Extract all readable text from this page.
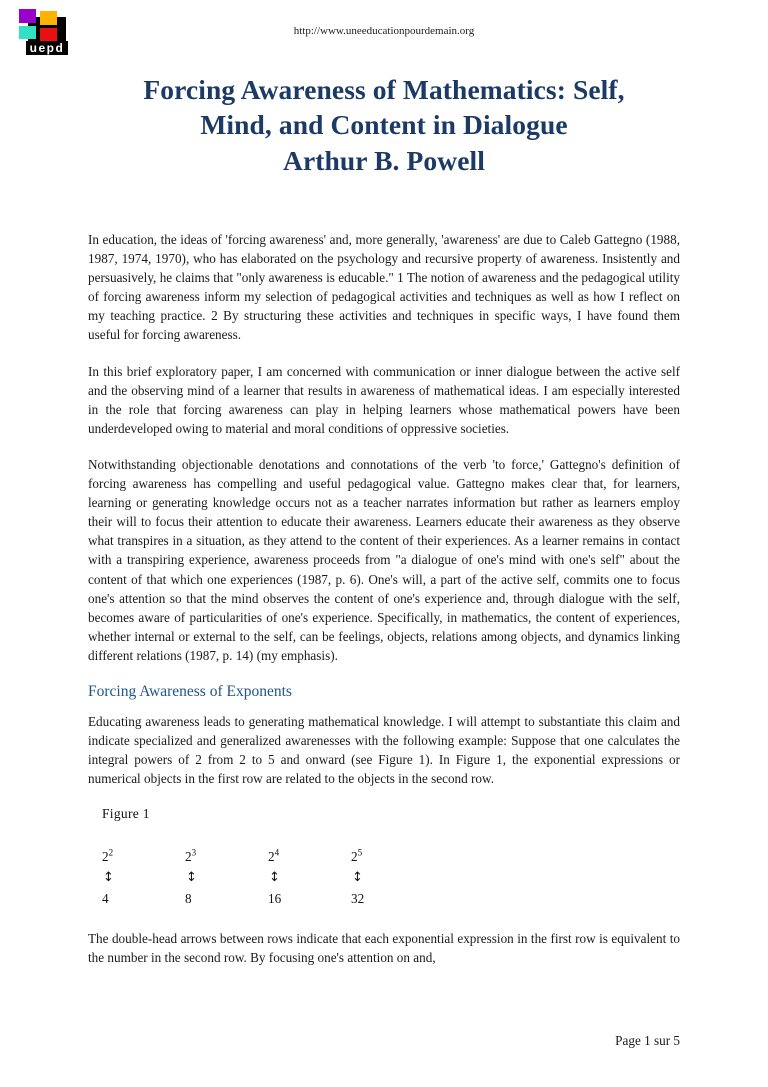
uepd
http://www.uneeducationpourdemain.org
Forcing Awareness of Mathematics: Self,
Mind, and Content in Dialogue
Arthur B. Powell

In education, the ideas of 'forcing awareness' and, more generally, 'awareness' are due to Caleb Gattegno (1988, 1987, 1974, 1970), who has elaborated on the psychology and recursive property of awareness. Insistently and persuasively, he claims that "only awareness is educable." 1 The notion of awareness and the pedagogical utility of forcing awareness inform my selection of pedagogical activities and techniques as well as how I reflect on my teaching practice. 2 By structuring these activities and techniques in specific ways, I have found them useful for forcing awareness.

In this brief exploratory paper, I am concerned with communication or inner dialogue between the active self and the observing mind of a learner that results in awareness of mathematical ideas. I am especially interested in the role that forcing awareness can play in helping learners whose mathematical powers have been underdeveloped owing to material and moral conditions of oppressive societies.

Notwithstanding objectionable denotations and connotations of the verb 'to force,' Gattegno's definition of forcing awareness has compelling and useful pedagogical value. Gattegno makes clear that, for learners, learning or generating knowledge occurs not as a teacher narrates information but rather as learners employ their will to focus their attention to educate their awareness. Learners educate their awareness as they observe what transpires in a situation, as they attend to the content of their experiences. As a learner remains in contact with a transpiring experience, awareness proceeds from "a dialogue of one's mind with one's self" about the content of that which one experiences (1987, p. 6). One's will, a part of the active self, commits one to focus one's attention so that the mind observes the content of one's experience and, through dialogue with the self, becomes aware of particularities of one's experience. Specifically, in mathematics, the content of experiences, whether internal or external to the self, can be feelings, objects, relations among objects, and dynamics linking different relations (1987, p. 14) (my emphasis).

Forcing Awareness of Exponents

Educating awareness leads to generating mathematical knowledge. I will attempt to substantiate this claim and indicate specialized and generalized awarenesses with the following example: Suppose that one calculates the integral powers of 2 from 2 to 5 and onward (see Figure 1). In Figure 1, the exponential expressions or numerical objects in the first row are related to the objects in the second row.

Figure 1
$2^2$	$2^3$	$2^4$	$2^5$
↕	↕	↕	↕
4	8	16	32

The double-head arrows between rows indicate that each exponential expression in the first row is equivalent to the number in the second row. By focusing one's attention on and,

Page 1 sur 5
